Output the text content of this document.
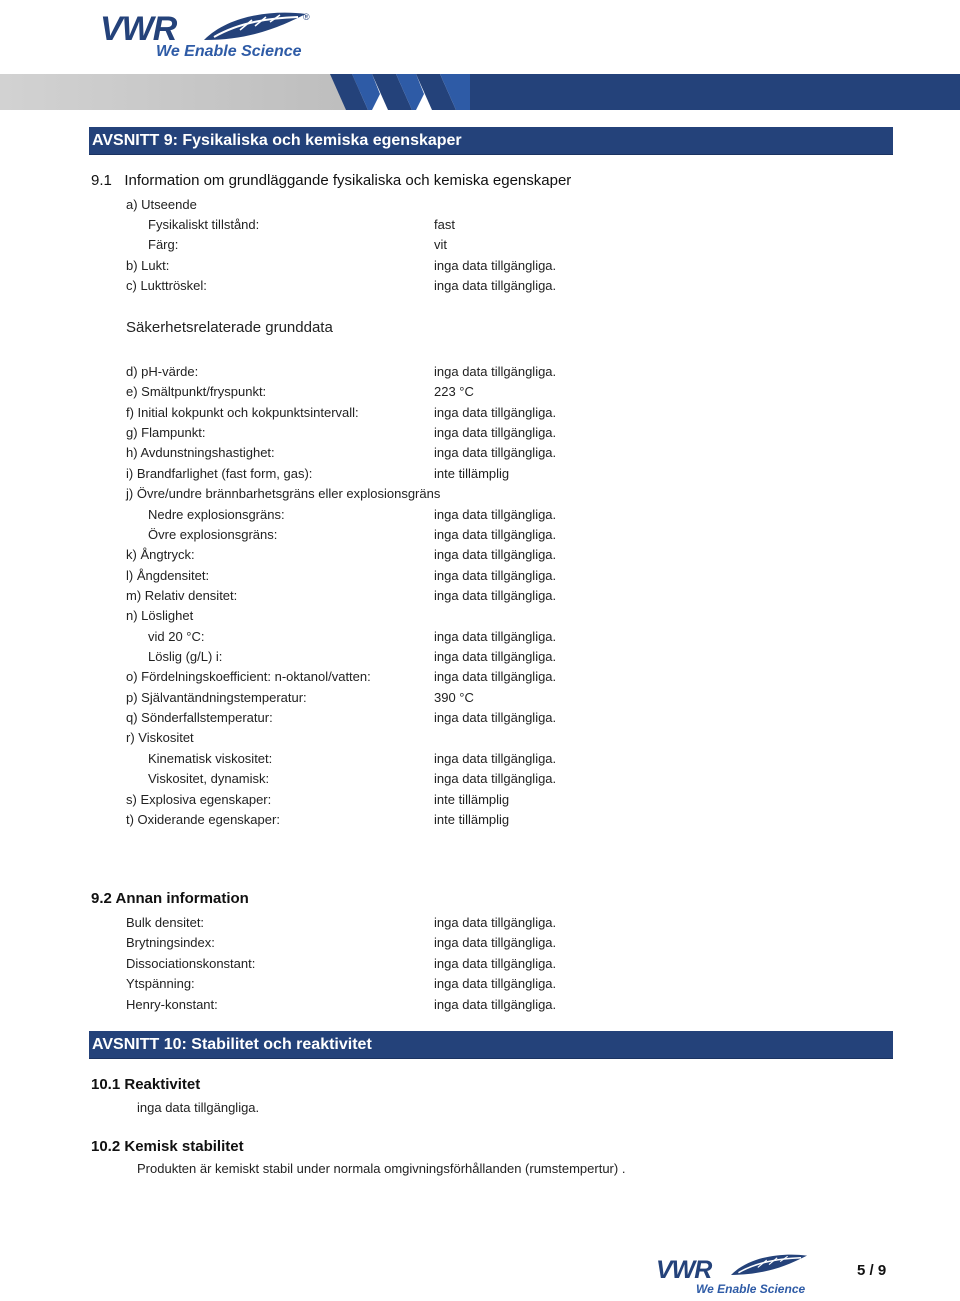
VWR	®
We Enable Science
AVSNITT 9: Fysikaliska och kemiska egenskaper
9.1 Information om grundläggande fysikaliska och kemiska egenskaper
a) Utseende
Fysikaliskt tillstånd:	fast
Färg:	vit
b) Lukt:	inga data tillgängliga.
c) Lukttröskel:	inga data tillgängliga.
Säkerhetsrelaterade grunddata
d) pH-värde:	inga data tillgängliga.
e) Smältpunkt/fryspunkt:	223 °C
f) Initial kokpunkt och kokpunktsintervall:	inga data tillgängliga.
g) Flampunkt:	inga data tillgängliga.
h) Avdunstningshastighet:	inga data tillgängliga.
i) Brandfarlighet (fast form, gas):	inte tillämplig
j) Övre/undre brännbarhetsgräns eller explosionsgräns
Nedre explosionsgräns:	inga data tillgängliga.
Övre explosionsgräns:	inga data tillgängliga.
k) Ångtryck:	inga data tillgängliga.
l) Ångdensitet:	inga data tillgängliga.
m) Relativ densitet:	inga data tillgängliga.
n) Löslighet
vid 20 °C:	inga data tillgängliga.
Löslig (g/L) i:	inga data tillgängliga.
o) Fördelningskoefficient: n-oktanol/vatten:	inga data tillgängliga.
p) Självantändningstemperatur:	390 °C
q) Sönderfallstemperatur:	inga data tillgängliga.
r) Viskositet
Kinematisk viskositet:	inga data tillgängliga.
Viskositet, dynamisk:	inga data tillgängliga.
s) Explosiva egenskaper:	inte tillämplig
t) Oxiderande egenskaper:	inte tillämplig
9.2 Annan information
Bulk densitet:	inga data tillgängliga.
Brytningsindex:	inga data tillgängliga.
Dissociationskonstant:	inga data tillgängliga.
Ytspänning:	inga data tillgängliga.
Henry-konstant:	inga data tillgängliga.
AVSNITT 10: Stabilitet och reaktivitet
10.1 Reaktivitet
inga data tillgängliga.
10.2 Kemisk stabilitet
Produkten är kemiskt stabil under normala omgivningsförhållanden (rumstempertur) .
VWR
We Enable Science
5 / 9
